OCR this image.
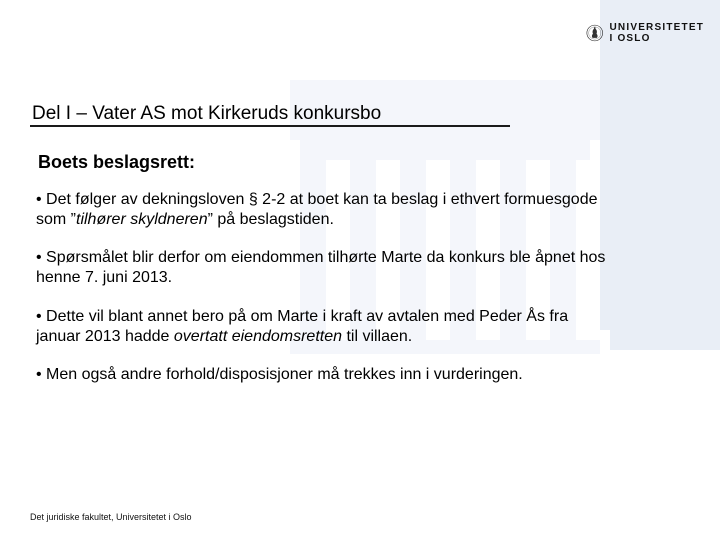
UNIVERSITETET
I OSLO
Del I – Vater AS mot Kirkeruds konkursbo
Boets beslagsrett:

• Det følger av dekningsloven § 2-2 at boet kan ta beslag i ethvert formuesgode som ”tilhører skyldneren” på beslagstiden.

• Spørsmålet blir derfor om eiendommen tilhørte Marte da konkurs ble åpnet hos henne 7. juni 2013.

• Dette vil blant annet bero på om Marte i kraft av avtalen med Peder Ås fra januar 2013 hadde overtatt eiendomsretten til villaen.

• Men også andre forhold/disposisjoner må trekkes inn i vurderingen.

Det juridiske fakultet, Universitetet i Oslo
